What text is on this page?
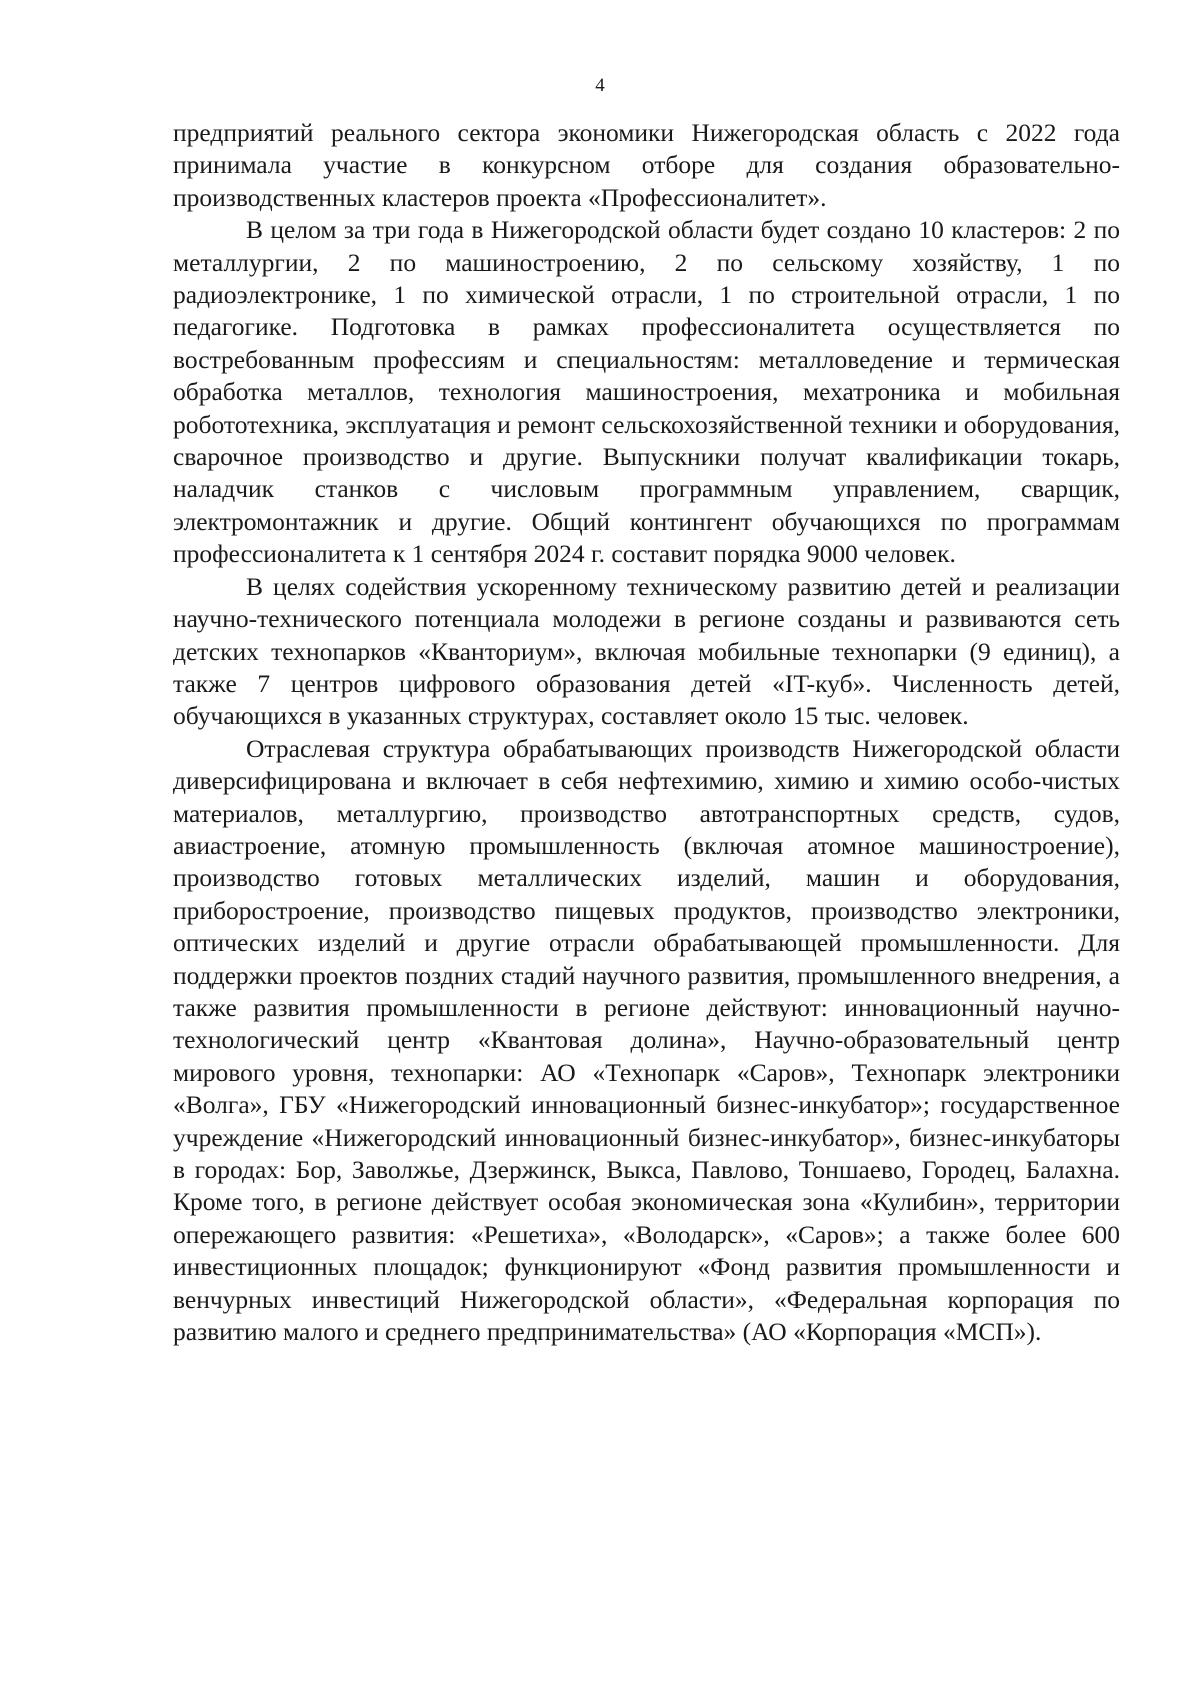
4

предприятий реального сектора экономики Нижегородская область с 2022 года принимала участие в конкурсном отборе для создания образовательно-производственных кластеров проекта «Профессионалитет».

В целом за три года в Нижегородской области будет создано 10 кластеров: 2 по металлургии, 2 по машиностроению, 2 по сельскому хозяйству, 1 по радиоэлектронике, 1 по химической отрасли, 1 по строительной отрасли, 1 по педагогике. Подготовка в рамках профессионалитета осуществляется по востребованным профессиям и специальностям: металловедение и термическая обработка металлов, технология машиностроения, мехатроника и мобильная робототехника, эксплуатация и ремонт сельскохозяйственной техники и оборудования, сварочное производство и другие. Выпускники получат квалификации токарь, наладчик станков с числовым программным управлением, сварщик, электромонтажник и другие. Общий контингент обучающихся по программам профессионалитета к 1 сентября 2024 г. составит порядка 9000 человек.

В целях содействия ускоренному техническому развитию детей и реализации научно-технического потенциала молодежи в регионе созданы и развиваются сеть детских технопарков «Кванториум», включая мобильные технопарки (9 единиц), а также 7 центров цифрового образования детей «IT-куб». Численность детей, обучающихся в указанных структурах, составляет около 15 тыс. человек.

Отраслевая структура обрабатывающих производств Нижегородской области диверсифицирована и включает в себя нефтехимию, химию и химию особо-чистых материалов, металлургию, производство автотранспортных средств, судов, авиастроение, атомную промышленность (включая атомное машиностроение), производство готовых металлических изделий, машин и оборудования, приборостроение, производство пищевых продуктов, производство электроники, оптических изделий и другие отрасли обрабатывающей промышленности. Для поддержки проектов поздних стадий научного развития, промышленного внедрения, а также развития промышленности в регионе действуют: инновационный научно-технологический центр «Квантовая долина», Научно-образовательный центр мирового уровня, технопарки: АО «Технопарк «Саров», Технопарк электроники «Волга», ГБУ «Нижегородский инновационный бизнес-инкубатор»; государственное учреждение «Нижегородский инновационный бизнес-инкубатор», бизнес-инкубаторы в городах: Бор, Заволжье, Дзержинск, Выкса, Павлово, Тоншаево, Городец, Балахна. Кроме того, в регионе действует особая экономическая зона «Кулибин», территории опережающего развития: «Решетиха», «Володарск», «Саров»; а также более 600 инвестиционных площадок; функционируют «Фонд развития промышленности и венчурных инвестиций Нижегородской области», «Федеральная корпорация по развитию малого и среднего предпринимательства» (АО «Корпорация «МСП»).
